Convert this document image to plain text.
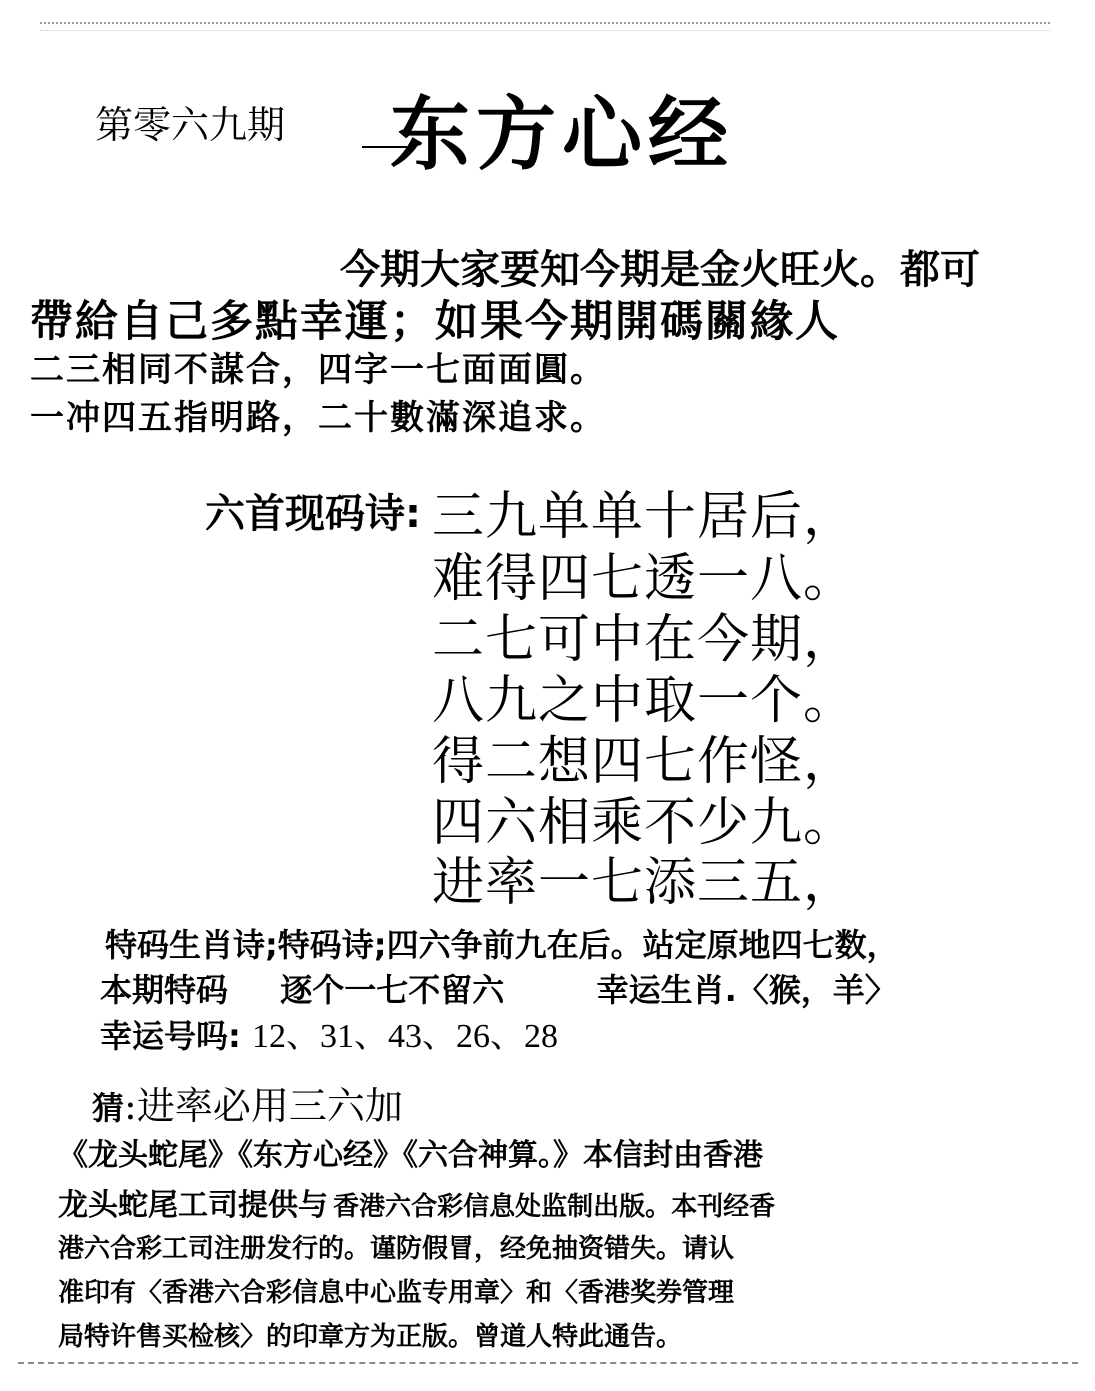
第零六九期 东方心经
今期大家要知今期是金火旺火。都可
帶給自己多點幸運；如果今期開碼關緣人
二三相同不謀合，四字一七面面圓。
一冲四五指明路，二十數滿深追求。
六首现码诗: 三九单单十居后，
难得四七透一八。
二七可中在今期，
八九之中取一个。
得二想四七作怪，
四六相乘不少九。
进率一七添三五，
特码生肖诗;特码诗;四六争前九在后。站定原地四七数，
本期特码 逐个一七不留六	幸运生肖.〈猴，羊〉
幸运号吗: 12、31、43、26、28
猜:进率必用三六加
《龙头蛇尾》《东方心经》《六合神算。》本信封由香港
龙头蛇尾工司提供与 香港六合彩信息处监制出版。本刊经香
港六合彩工司注册发行的。谨防假冒，经免抽资错失。请认
准印有〈香港六合彩信息中心监专用章〉和〈香港奖券管理
局特许售买检核〉的印章方为正版。曾道人特此通告。
